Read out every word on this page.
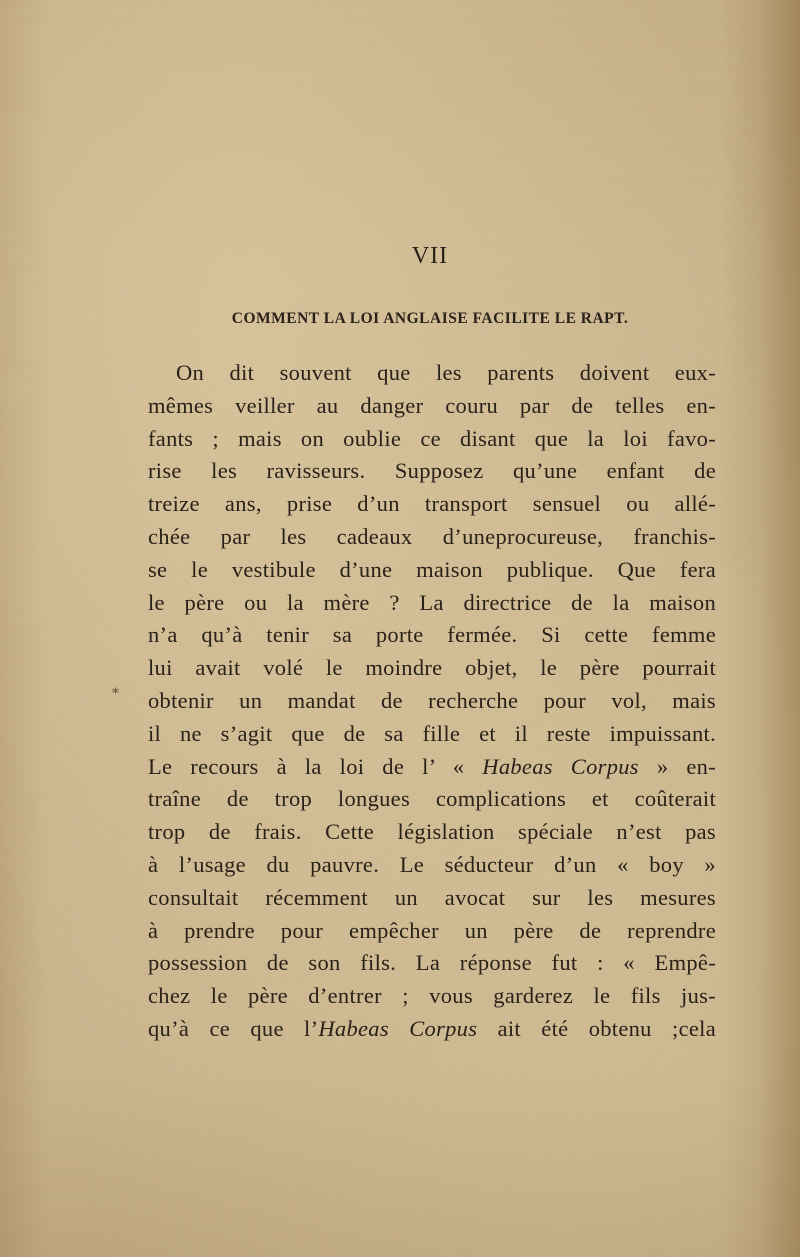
VII
COMMENT LA LOI ANGLAISE FACILITE LE RAPT.
*
On dit souvent que les parents doivent eux-
mêmes veiller au danger couru par de telles en-
fants ; mais on oublie ce disant que la loi favo-
rise les ravisseurs. Supposez qu’une enfant de
treize ans, prise d’un transport sensuel ou allé-
chée par les cadeaux d’uneprocureuse, franchis-
se le vestibule d’une maison publique. Que fera
le père ou la mère ? La directrice de la maison
n’a qu’à tenir sa porte fermée. Si cette femme
lui avait volé le moindre objet, le père pourrait
obtenir un mandat de recherche pour vol, mais
il ne s’agit que de sa fille et il reste impuissant.
Le recours à la loi de l’ « Habeas Corpus » en-
traîne de trop longues complications et coûterait
trop de frais. Cette législation spéciale n’est pas
à l’usage du pauvre. Le séducteur d’un « boy »
consultait récemment un avocat sur les mesures
à prendre pour empêcher un père de reprendre
possession de son fils. La réponse fut : « Empê-
chez le père d’entrer ; vous garderez le fils jus-
qu’à ce que l’Habeas Corpus ait été obtenu ;cela
